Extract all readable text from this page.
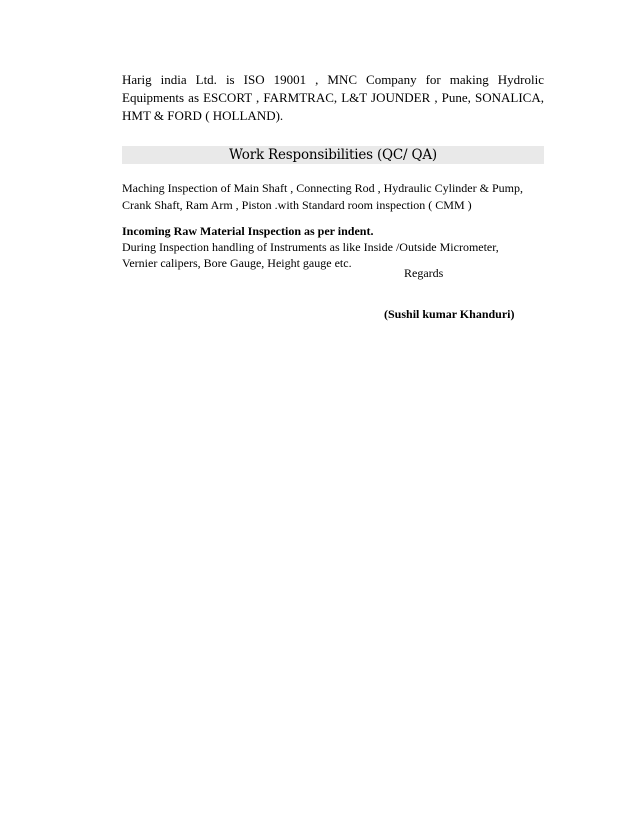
Harig india Ltd. is ISO 19001 , MNC Company for making Hydrolic Equipments as ESCORT , FARMTRAC, L&T JOUNDER , Pune, SONALICA, HMT & FORD ( HOLLAND).

Work Responsibilities (QC/ QA)

Maching Inspection of Main Shaft , Connecting Rod , Hydraulic Cylinder & Pump,
Crank Shaft, Ram Arm , Piston .with Standard room inspection ( CMM )

Incoming Raw Material Inspection as per indent.
During Inspection handling of Instruments as like Inside /Outside Micrometer,
Vernier calipers, Bore Gauge, Height gauge etc.

Regards
(Sushil kumar Khanduri)
